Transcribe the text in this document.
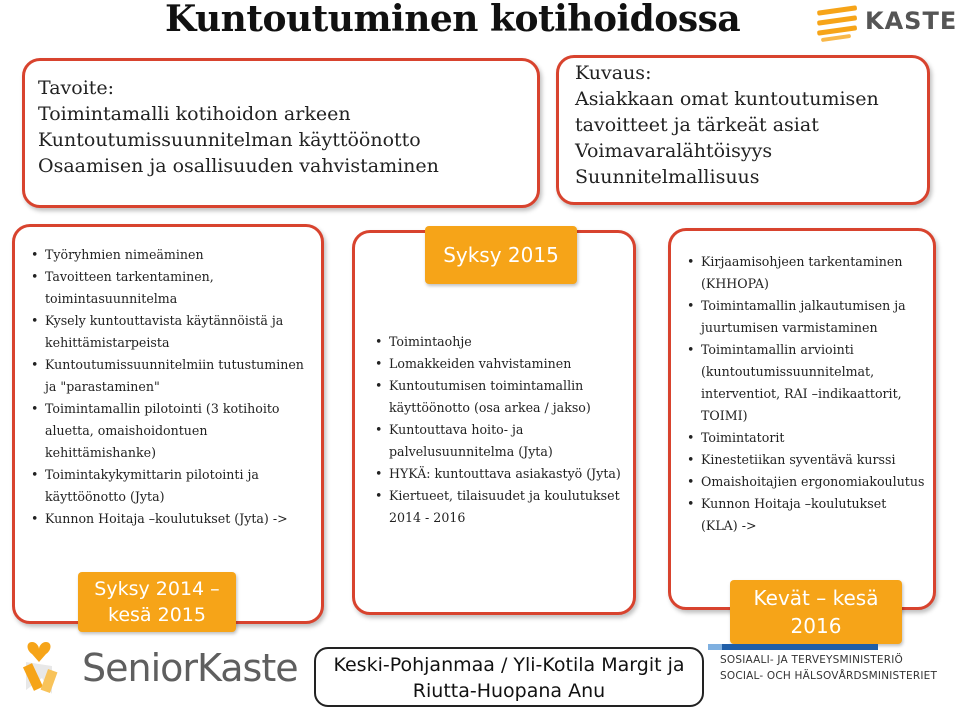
Kuntoutuminen kotihoidossa	KASTE
Tavoite:
Toimintamalli kotihoidon arkeen
Kuntoutumissuunnitelman käyttöönotto
Osaamisen ja osallisuuden vahvistaminen
Kuvaus:
Asiakkaan omat kuntoutumisen
tavoitteet ja tärkeät asiat
Voimavaralähtöisyys
Suunnitelmallisuus
• Työryhmien nimeäminen
• Tavoitteen tarkentaminen, toimintasuunnitelma
• Kysely kuntouttavista käytännöistä ja kehittämistarpeista
• Kuntoutumissuunnitelmiin tutustuminen ja "parastaminen"
• Toimintamallin pilotointi (3 kotihoito aluetta, omaishoidontuen kehittämishanke)
• Toimintakykymittarin pilotointi ja käyttöönotto (Jyta)
• Kunnon Hoitaja –koulutukset (Jyta) ->
Syksy 2014 –
kesä 2015
• Toimintaohje
• Lomakkeiden vahvistaminen
• Kuntoutumisen toimintamallin käyttöönotto (osa arkea / jakso)
• Kuntouttava hoito- ja palvelusuunnitelma (Jyta)
• HYKÄ: kuntouttava asiakastyö (Jyta)
• Kiertueet, tilaisuudet ja koulutukset 2014 - 2016
Syksy 2015
•	Kirjaamisohjeen tarkentaminen (KHHOPA)
• Toimintamallin jalkautumisen ja juurtumisen varmistaminen
• Toimintamallin arviointi (kuntoutumissuunnitelmat, interventiot, RAI –indikaattorit, TOIMI)
• Toimintatorit
• Kinestetiikan syventävä kurssi
• Omaishoitajien ergonomiakoulutus
• Kunnon Hoitaja –koulutukset (KLA) ->
Kevät – kesä
2016
SeniorKaste	Keski-Pohjanmaa / Yli-Kotila Margit ja
Riutta-Huopana Anu
SOSIAALI- JA TERVEYSMINISTERIÖ
SOCIAL- OCH HÄLSOVÅRDSMINISTERIET
